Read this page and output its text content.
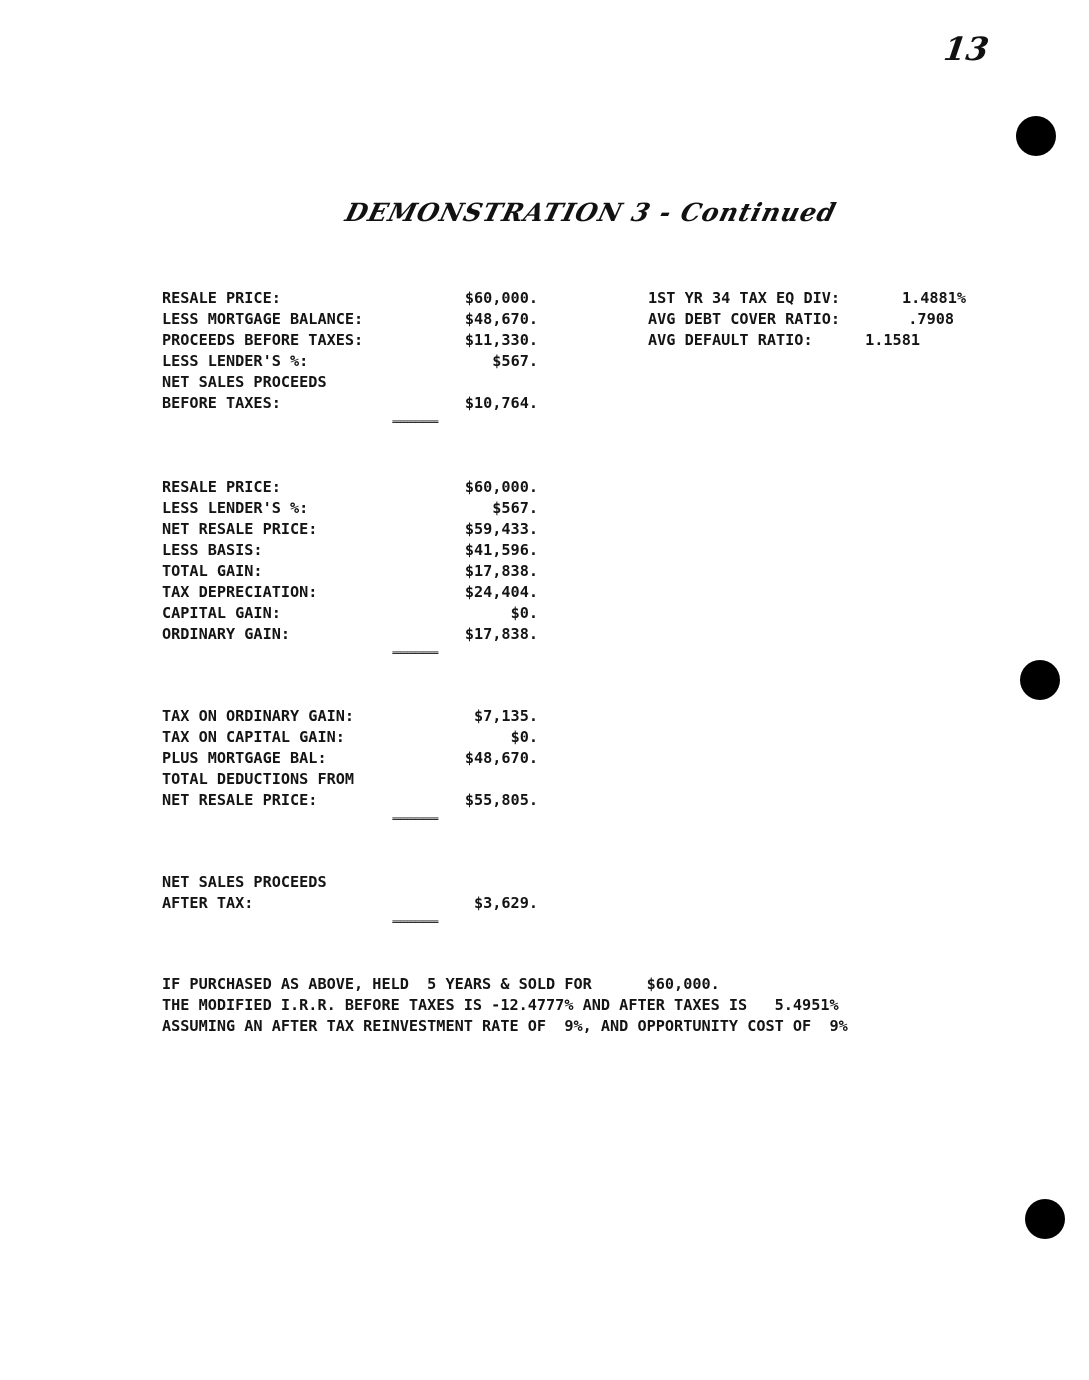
13
DEMONSTRATION 3 - Continued
RESALE PRICE:	$60,000.
LESS MORTGAGE BALANCE:	$48,670.
PROCEEDS BEFORE TAXES:	$11,330.
LESS LENDER'S %:	$567.
NET SALES PROCEEDS
BEFORE TAXES:	$10,764.
============
1ST YR 34 TAX EQ DIV:	1.4881%
AVG DEBT COVER RATIO:	.7908
AVG DEFAULT RATIO:	1.1581
RESALE PRICE:	$60,000.
LESS LENDER'S %:	$567.
NET RESALE PRICE:	$59,433.
LESS BASIS:	$41,596.
TOTAL GAIN:	$17,838.
TAX DEPRECIATION:	$24,404.
CAPITAL GAIN:	$0.
ORDINARY GAIN:	$17,838.
============
TAX ON ORDINARY GAIN:	$7,135.
TAX ON CAPITAL GAIN:	$0.
PLUS MORTGAGE BAL:	$48,670.
TOTAL DEDUCTIONS FROM
NET RESALE PRICE:	$55,805.
============
NET SALES PROCEEDS
AFTER TAX:	$3,629.
============
IF PURCHASED AS ABOVE, HELD  5 YEARS & SOLD FOR      $60,000.
THE MODIFIED I.R.R. BEFORE TAXES IS -12.4777% AND AFTER TAXES IS   5.4951%
ASSUMING AN AFTER TAX REINVESTMENT RATE OF  9%, AND OPPORTUNITY COST OF  9%
